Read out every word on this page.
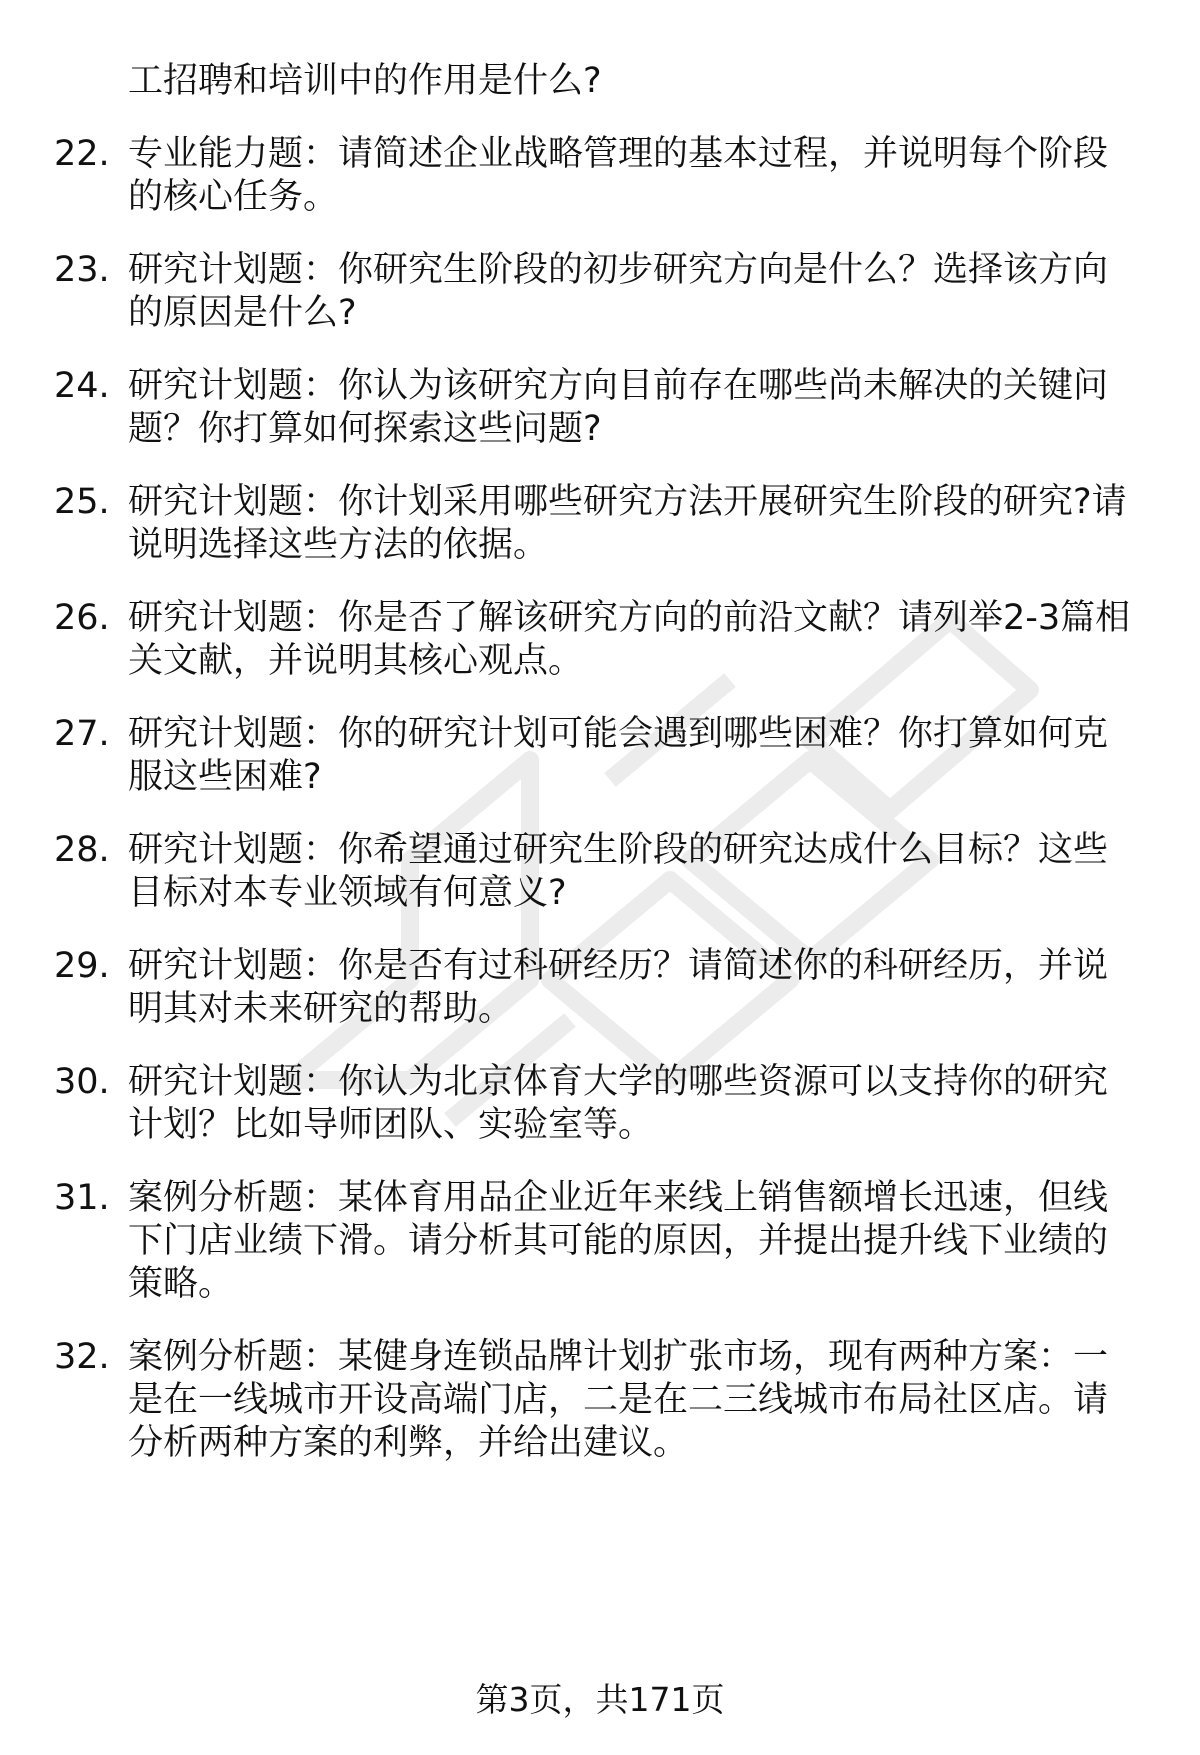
工招聘和培训中的作用是什么?
22. 专业能力题：请简述企业战略管理的基本过程，并说明每个阶段的核心任务。
23. 研究计划题：你研究生阶段的初步研究方向是什么？选择该方向的原因是什么?
24. 研究计划题：你认为该研究方向目前存在哪些尚未解决的关键问题？你打算如何探索这些问题?
25. 研究计划题：你计划采用哪些研究方法开展研究生阶段的研究?请说明选择这些方法的依据。
26. 研究计划题：你是否了解该研究方向的前沿文献？请列举2-3篇相关文献，并说明其核心观点。
27. 研究计划题：你的研究计划可能会遇到哪些困难？你打算如何克服这些困难?
28. 研究计划题：你希望通过研究生阶段的研究达成什么目标？这些目标对本专业领域有何意义?
29. 研究计划题：你是否有过科研经历？请简述你的科研经历，并说明其对未来研究的帮助。
30. 研究计划题：你认为北京体育大学的哪些资源可以支持你的研究计划？比如导师团队、实验室等。
31. 案例分析题：某体育用品企业近年来线上销售额增长迅速，但线下门店业绩下滑。请分析其可能的原因，并提出提升线下业绩的策略。
32. 案例分析题：某健身连锁品牌计划扩张市场，现有两种方案：一是在一线城市开设高端门店，二是在二三线城市布局社区店。请分析两种方案的利弊，并给出建议。
第3页，共171页
